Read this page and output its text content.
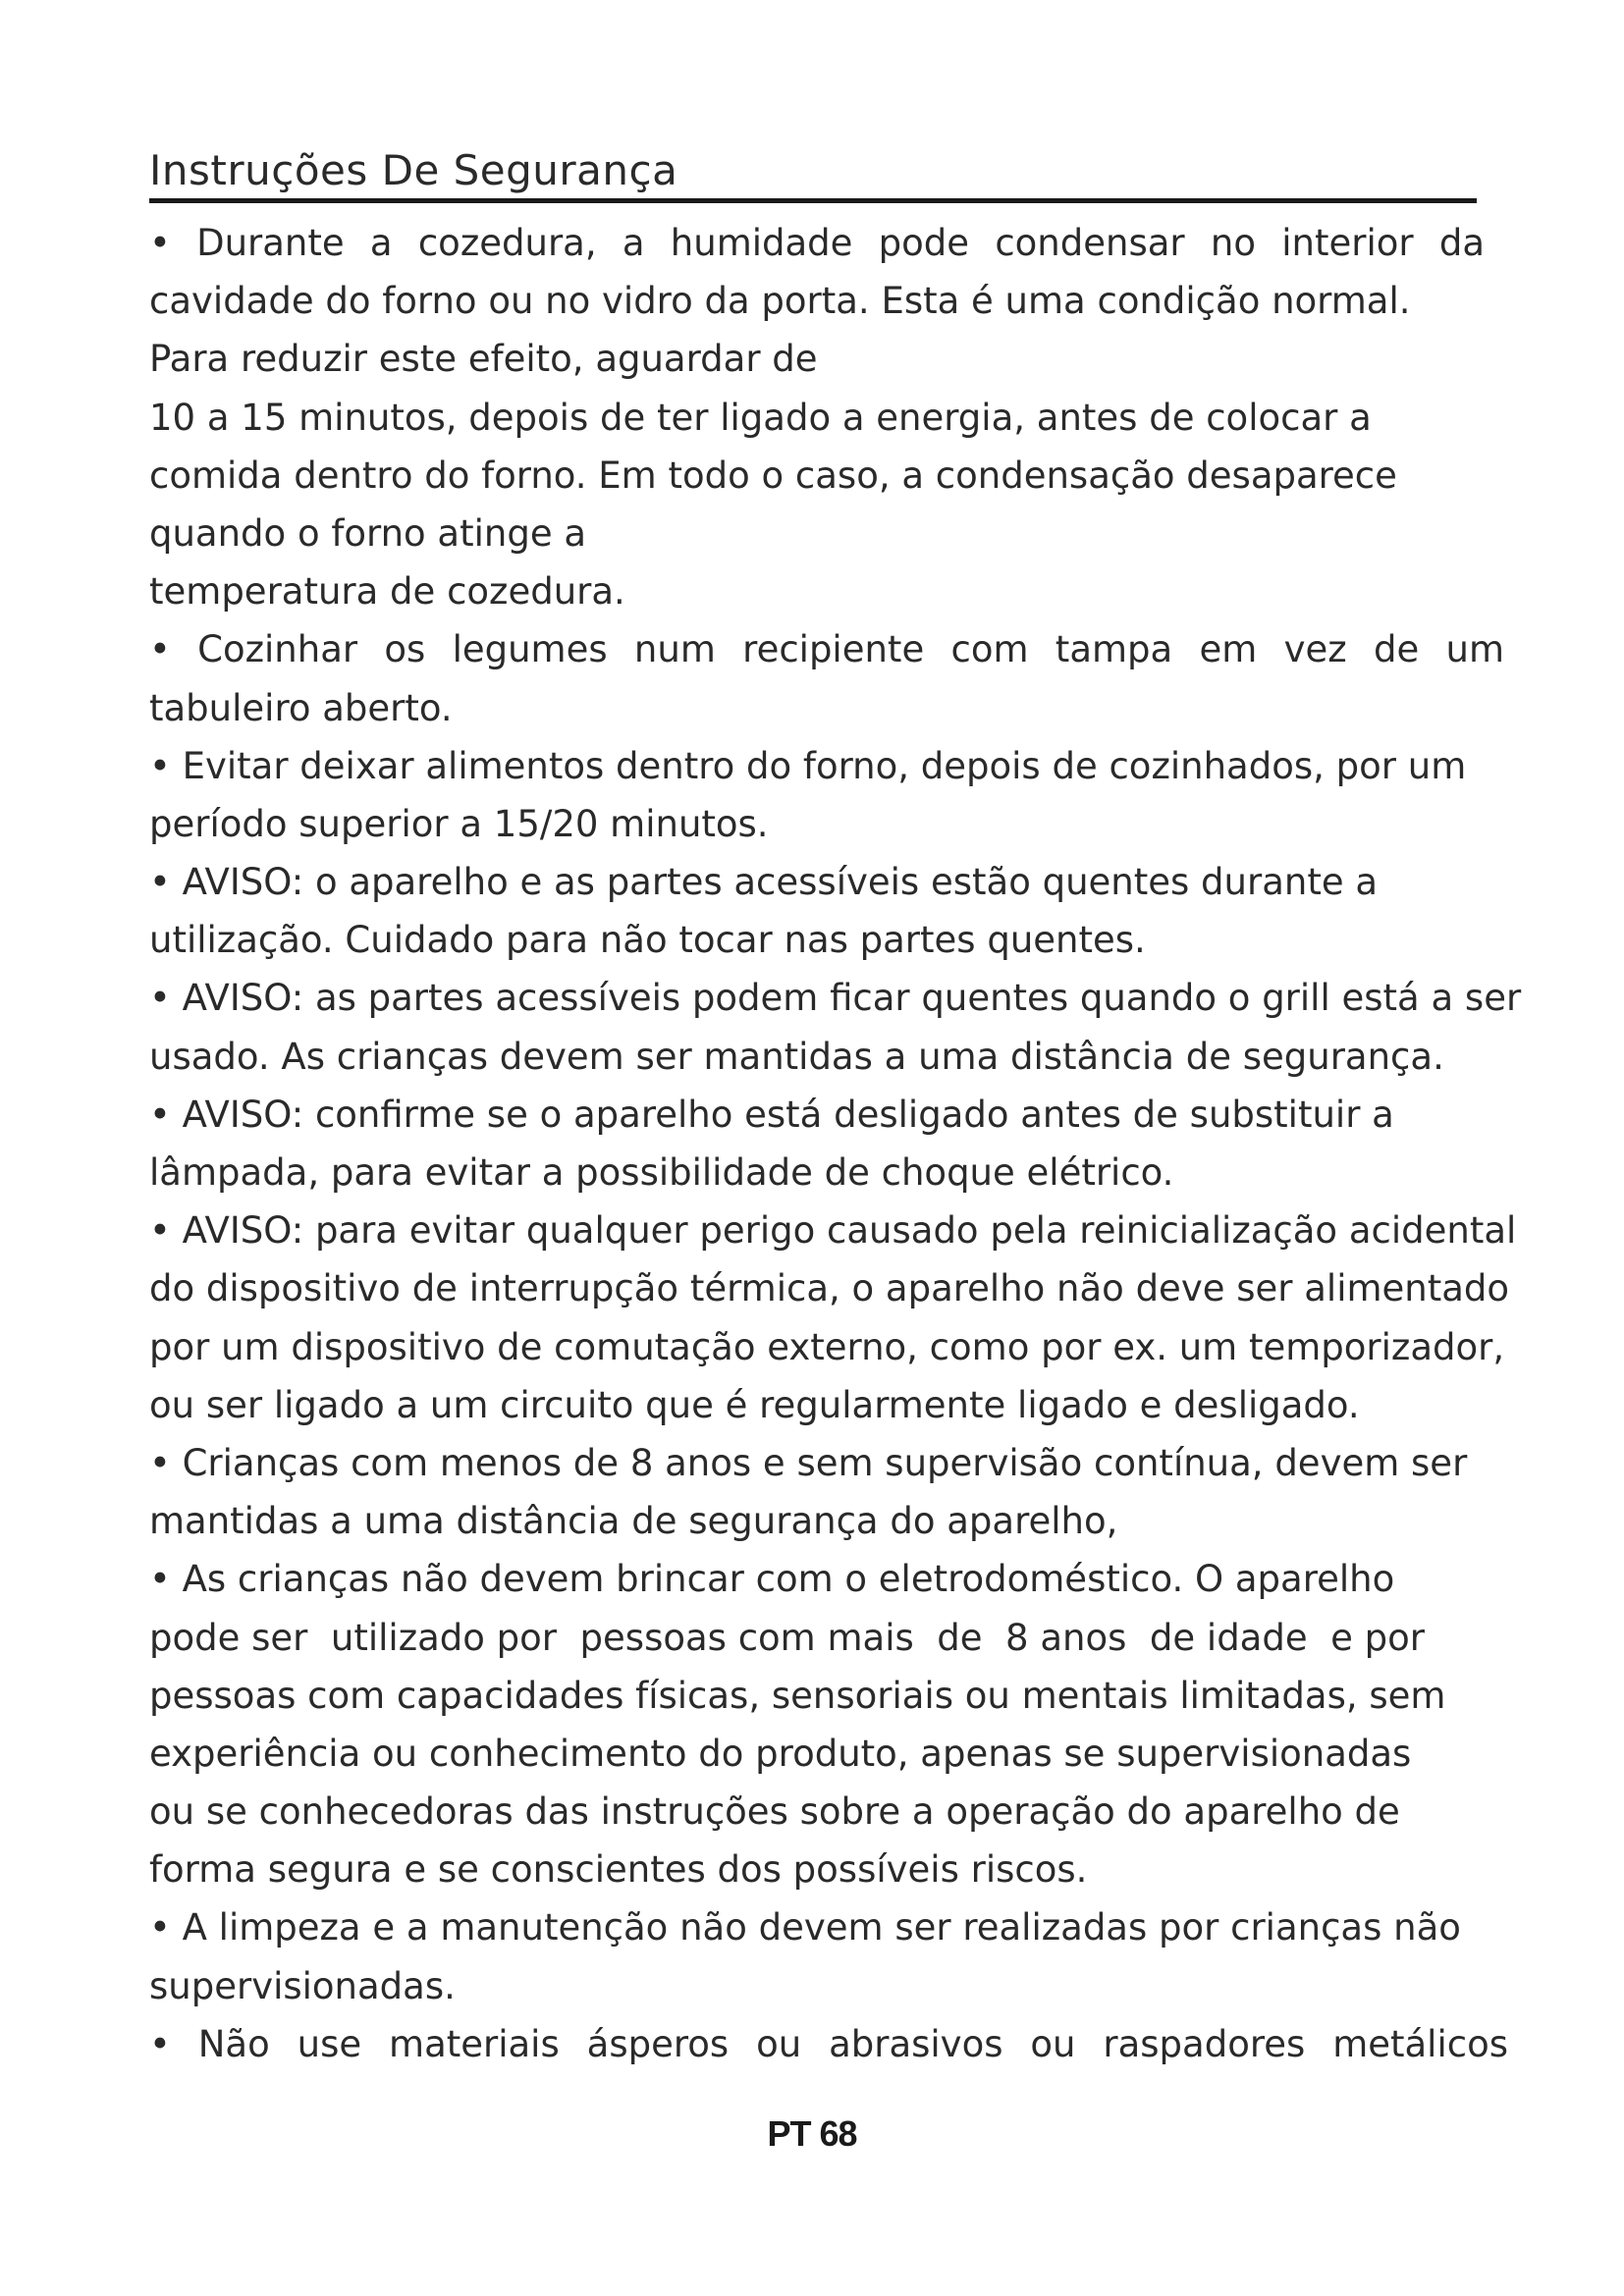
Instruções De Segurança
• Durante a cozedura, a humidade pode condensar no interior da
cavidade do forno ou no vidro da porta. Esta é uma condição normal.
Para reduzir este efeito, aguardar de
10 a 15 minutos, depois de ter ligado a energia, antes de colocar a
comida dentro do forno. Em todo o caso, a condensação desaparece
quando o forno atinge a
temperatura de cozedura.
• Cozinhar os legumes num recipiente com tampa em vez de um
tabuleiro aberto.
• Evitar deixar alimentos dentro do forno, depois de cozinhados, por um
período superior a 15/20 minutos.
• AVISO: o aparelho e as partes acessíveis estão quentes durante a
utilização. Cuidado para não tocar nas partes quentes.
• AVISO: as partes acessíveis podem ficar quentes quando o grill está a ser
usado. As crianças devem ser mantidas a uma distância de segurança.
• AVISO: confirme se o aparelho está desligado antes de substituir a
lâmpada, para evitar a possibilidade de choque elétrico.
• AVISO: para evitar qualquer perigo causado pela reinicialização acidental
do dispositivo de interrupção térmica, o aparelho não deve ser alimentado
por um dispositivo de comutação externo, como por ex. um temporizador,
ou ser ligado a um circuito que é regularmente ligado e desligado.
• Crianças com menos de 8 anos e sem supervisão contínua, devem ser
mantidas a uma distância de segurança do aparelho,
• As crianças não devem brincar com o eletrodoméstico. O aparelho
pode ser  utilizado por  pessoas com mais  de  8 anos  de idade  e por
pessoas com capacidades físicas, sensoriais ou mentais limitadas, sem
experiência ou conhecimento do produto, apenas se supervisionadas
ou se conhecedoras das instruções sobre a operação do aparelho de
forma segura e se conscientes dos possíveis riscos.
• A limpeza e a manutenção não devem ser realizadas por crianças não
supervisionadas.
• Não use materiais ásperos ou abrasivos ou raspadores metálicos
PT 68
